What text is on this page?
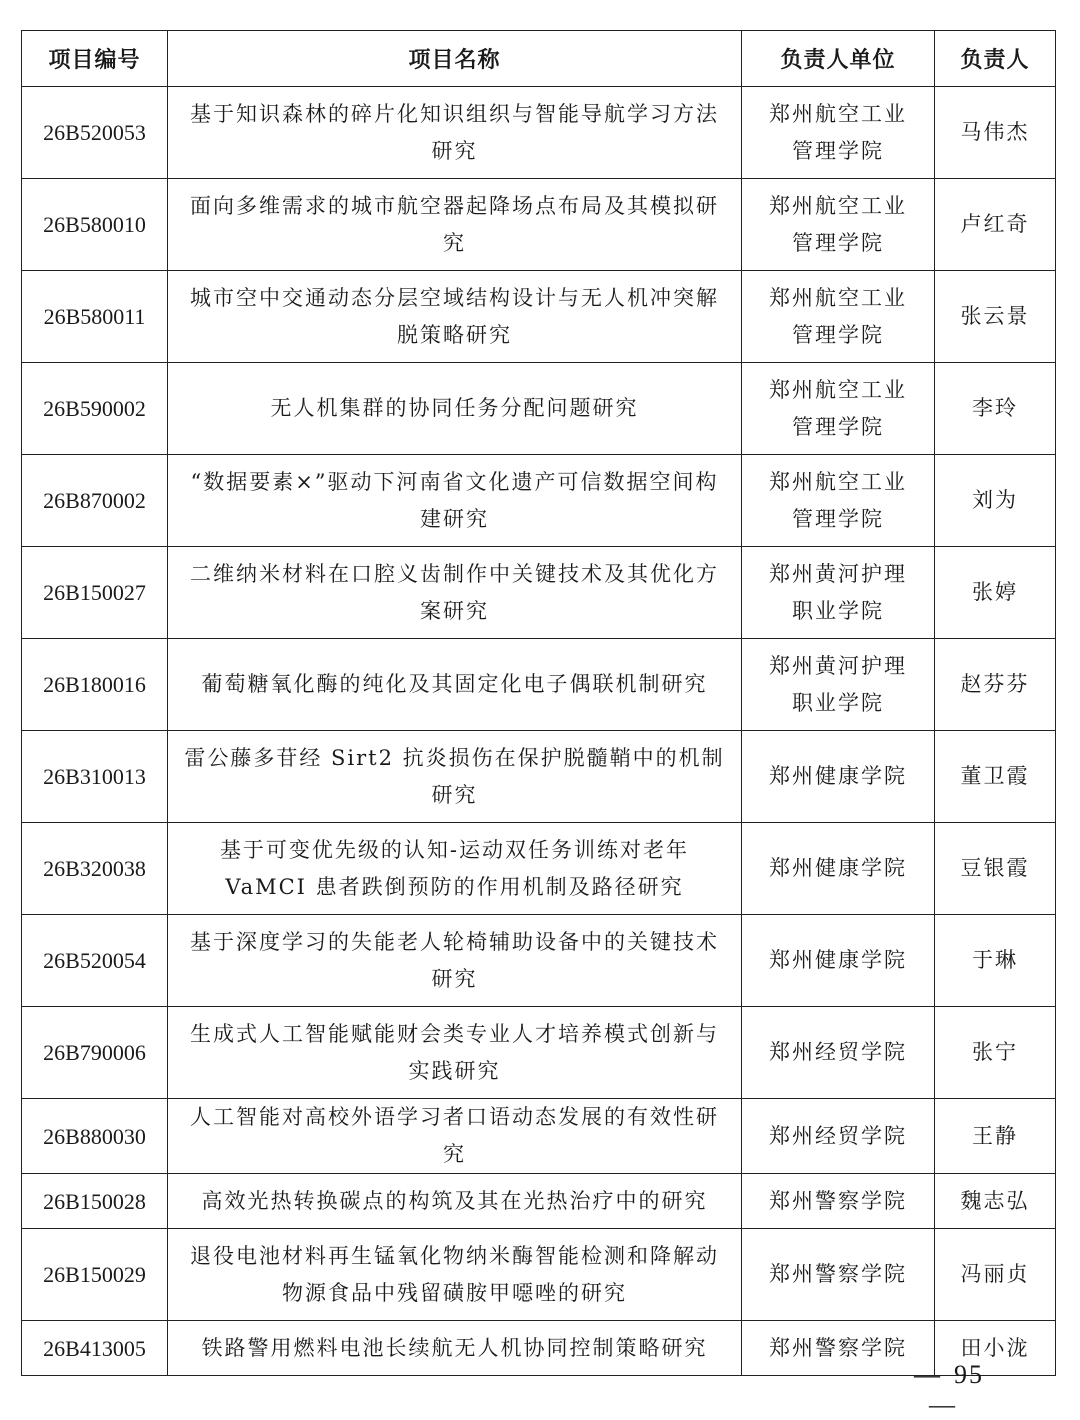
项目编号	项目名称	负责人单位	负责人
26B520053	基于知识森林的碎片化知识组织与智能导航学习方法研究	郑州航空工业管理学院	马伟杰
26B580010	面向多维需求的城市航空器起降场点布局及其模拟研究	郑州航空工业管理学院	卢红奇
26B580011	城市空中交通动态分层空域结构设计与无人机冲突解脱策略研究	郑州航空工业管理学院	张云景
26B590002	无人机集群的协同任务分配问题研究	郑州航空工业管理学院	李玲
26B870002	“数据要素×”驱动下河南省文化遗产可信数据空间构建研究	郑州航空工业管理学院	刘为
26B150027	二维纳米材料在口腔义齿制作中关键技术及其优化方案研究	郑州黄河护理职业学院	张婷
26B180016	葡萄糖氧化酶的纯化及其固定化电子偶联机制研究	郑州黄河护理职业学院	赵芬芬
26B310013	雷公藤多苷经 Sirt2 抗炎损伤在保护脱髓鞘中的机制研究	郑州健康学院	董卫霞
26B320038	基于可变优先级的认知-运动双任务训练对老年 VaMCI 患者跌倒预防的作用机制及路径研究	郑州健康学院	豆银霞
26B520054	基于深度学习的失能老人轮椅辅助设备中的关键技术研究	郑州健康学院	于琳
26B790006	生成式人工智能赋能财会类专业人才培养模式创新与实践研究	郑州经贸学院	张宁
26B880030	人工智能对高校外语学习者口语动态发展的有效性研究	郑州经贸学院	王静
26B150028	高效光热转换碳点的构筑及其在光热治疗中的研究	郑州警察学院	魏志弘
26B150029	退役电池材料再生锰氧化物纳米酶智能检测和降解动物源食品中残留磺胺甲噁唑的研究	郑州警察学院	冯丽贞
26B413005	铁路警用燃料电池长续航无人机协同控制策略研究	郑州警察学院	田小泷
— 95—
